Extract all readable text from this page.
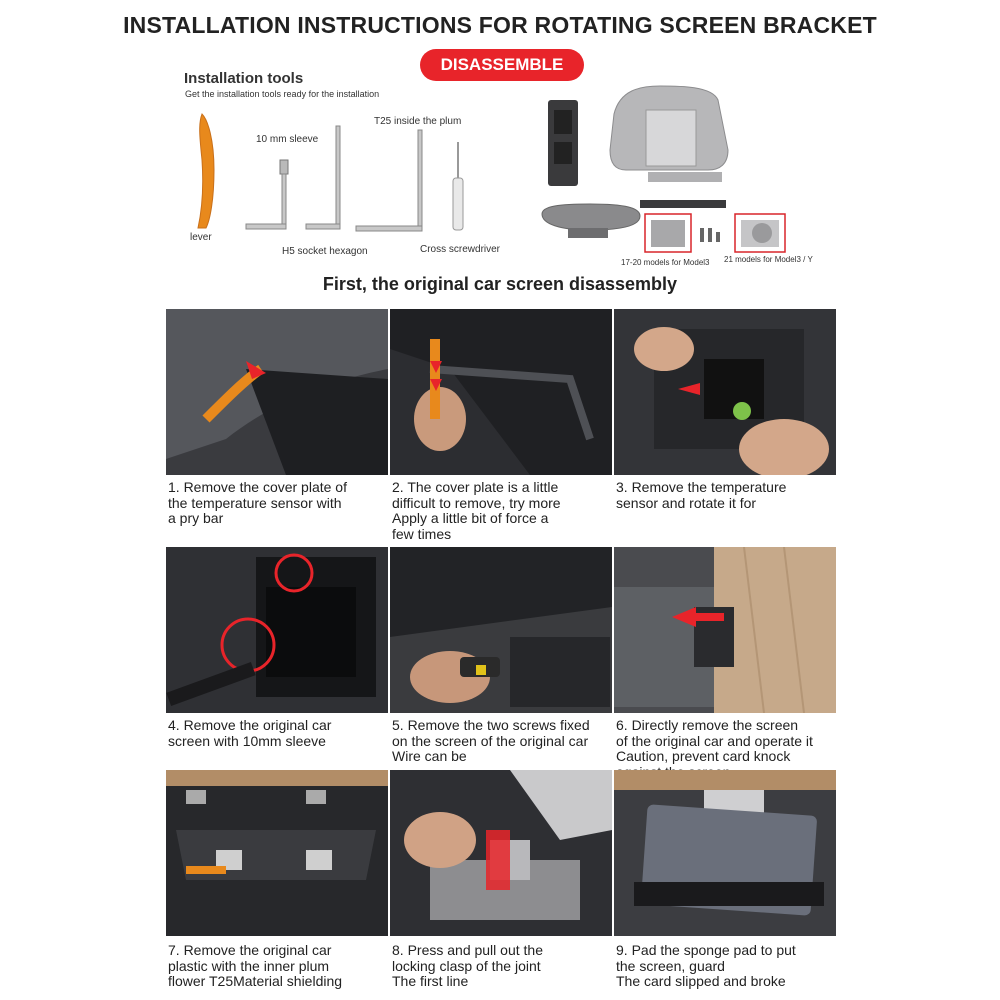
INSTALLATION INSTRUCTIONS FOR ROTATING SCREEN BRACKET
DISASSEMBLE
Installation tools
Get the installation tools ready for the installation
lever
10 mm sleeve
H5 socket hexagon
T25 inside the plum
Cross screwdriver
17-20 models for Model3 21 models for Model3 / Y
First, the original car screen disassembly
1. Remove the cover plate of
the temperature sensor with
a pry bar
2. The cover plate is a little
difficult to remove, try more
Apply a little bit of force a
few times
3. Remove the temperature
sensor and rotate it for
4. Remove the original car
screen with 10mm sleeve
5. Remove the two screws fixed
on the screen of the original car
Wire can be
6. Directly remove the screen
of the original car and operate it
Caution, prevent card knock
7. Remove the original car
plastic with the inner plum
flower T25Material shielding
8. Press and pull out the
locking clasp of the joint
The first line
9. Pad the sponge pad to put
the screen, guard
The card slipped and broke
